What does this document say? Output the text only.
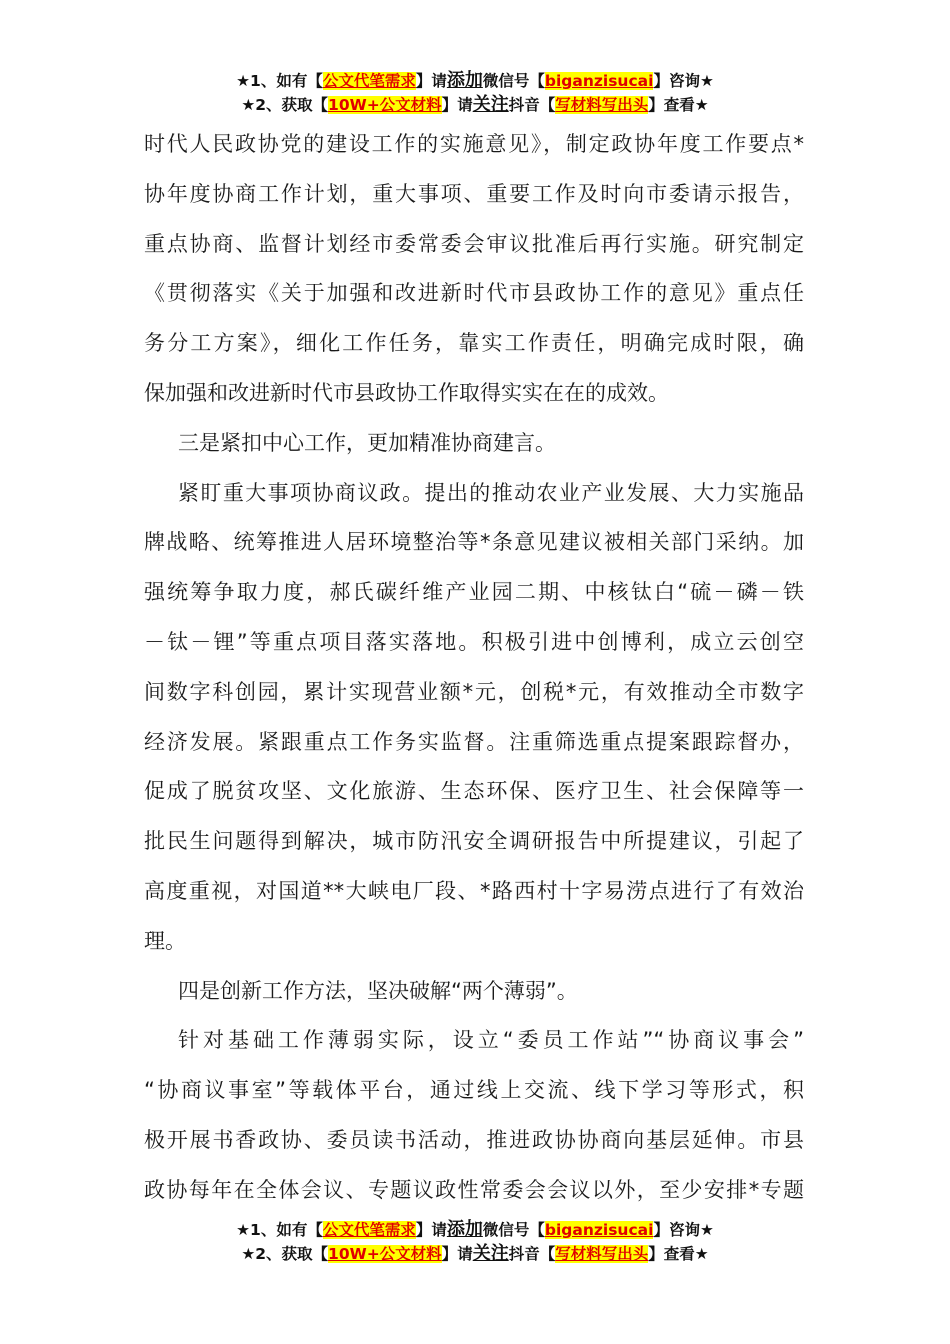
★1、如有【公文代笔需求】请添加微信号【biganzisucai】咨询★
★2、获取【10W+公文材料】请关注抖音【写材料写出头】查看★
时代人民政协党的建设工作的实施意见》，制定政协年度工作要点*
协年度协商工作计划，重大事项、重要工作及时向市委请示报告，
重点协商、监督计划经市委常委会审议批准后再行实施。研究制定
《贯彻落实《关于加强和改进新时代市县政协工作的意见》重点任
务分工方案》，细化工作任务，靠实工作责任，明确完成时限，确
保加强和改进新时代市县政协工作取得实实在在的成效。
三是紧扣中心工作，更加精准协商建言。
紧盯重大事项协商议政。提出的推动农业产业发展、大力实施品
牌战略、统筹推进人居环境整治等*条意见建议被相关部门采纳。加
强统筹争取力度，郝氏碳纤维产业园二期、中核钛白“硫－磷－铁
－钛－锂”等重点项目落实落地。积极引进中创博利，成立云创空
间数字科创园，累计实现营业额*元，创税*元，有效推动全市数字
经济发展。紧跟重点工作务实监督。注重筛选重点提案跟踪督办，
促成了脱贫攻坚、文化旅游、生态环保、医疗卫生、社会保障等一
批民生问题得到解决，城市防汛安全调研报告中所提建议，引起了
高度重视，对国道**大峡电厂段、*路西村十字易涝点进行了有效治
理。
四是创新工作方法，坚决破解“两个薄弱”。
针对基础工作薄弱实际，设立“委员工作站”“协商议事会”
“协商议事室”等载体平台，通过线上交流、线下学习等形式，积
极开展书香政协、委员读书活动，推进政协协商向基层延伸。市县
政协每年在全体会议、专题议政性常委会会议以外，至少安排*专题
★1、如有【公文代笔需求】请添加微信号【biganzisucai】咨询★
★2、获取【10W+公文材料】请关注抖音【写材料写出头】查看★
